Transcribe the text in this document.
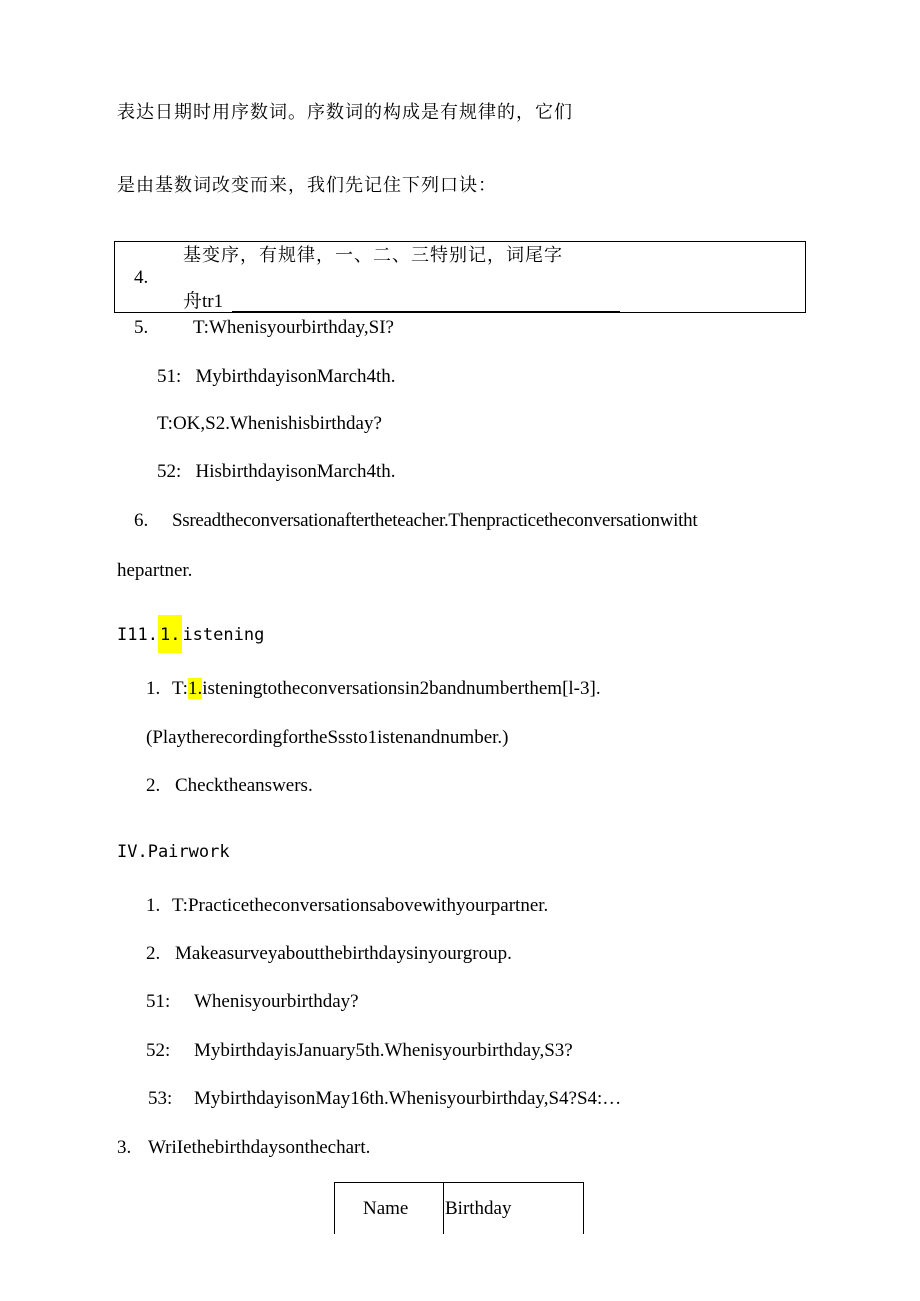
表达日期时用序数词。序数词的构成是有规律的，它们
是由基数词改变而来，我们先记住下列口诀：
4.
基变序，有规律，一、二、三特别记，词尾字
舟tr1
5. T:Whenisyourbirthday,SI?
51:   MybirthdayisonMarch4th.
T:OK,S2.Whenishisbirthday?
52:   HisbirthdayisonMarch4th.
6. Ssreadtheconversationaftertheteacher.Thenpracticetheconversationwitht
hepartner.
I11. 1. istening
1. T:1.isteningtotheconversationsin2bandnumberthem[l-3].
(PlaytherecordingfortheSssto1istenandnumber.)
2. Checktheanswers.
IV.Pairwork
1. T:Practicetheconversationsabovewithyourpartner.
2. Makeasurveyaboutthebirthdaysinyourgroup.
51: Whenisyourbirthday?
52: MybirthdayisJanuary5th.Whenisyourbirthday,S3?
53: MybirthdayisonMay16th.Whenisyourbirthday,S4?S4:…
3. WriIethebirthdaysonthechart.
Name Birthday
